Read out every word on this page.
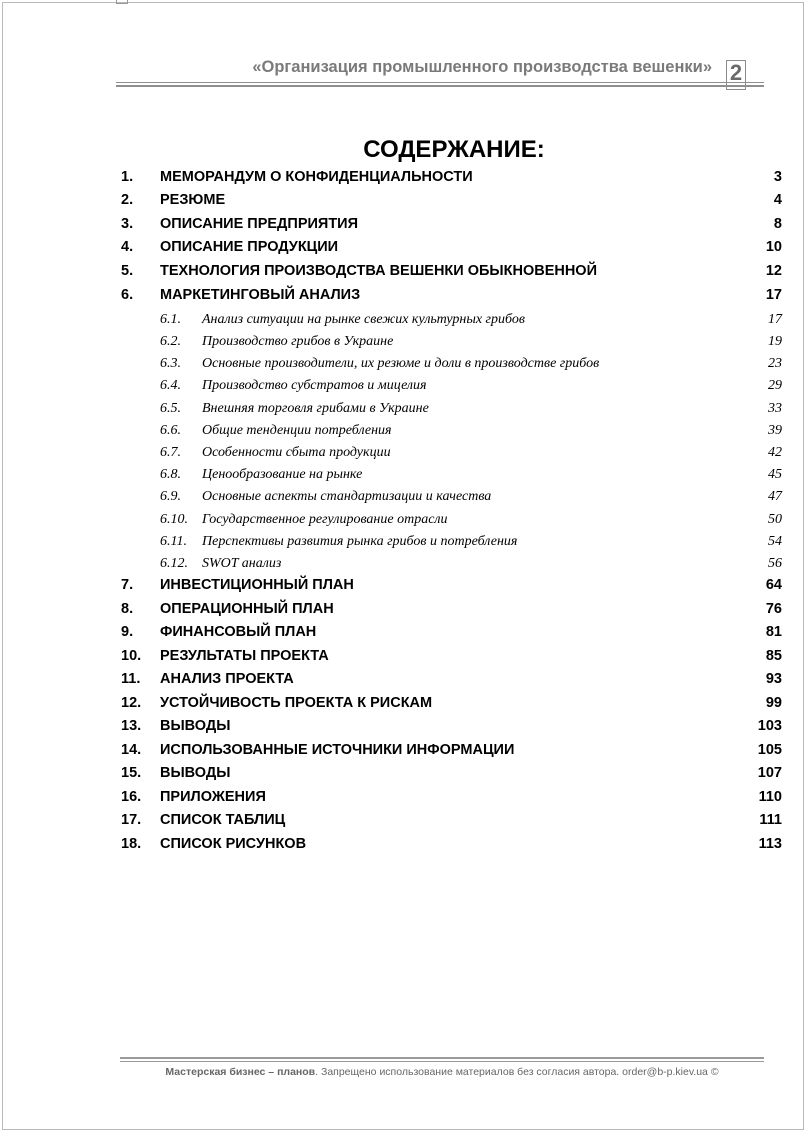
«Организация промышленного производства вешенки» 2
СОДЕРЖАНИЕ:
1. МЕМОРАНДУМ О КОНФИДЕНЦИАЛЬНОСТИ	3
2. РЕЗЮМЕ	4
3. ОПИСАНИЕ ПРЕДПРИЯТИЯ	8
4. ОПИСАНИЕ ПРОДУКЦИИ	10
5. ТЕХНОЛОГИЯ ПРОИЗВОДСТВА ВЕШЕНКИ ОБЫКНОВЕННОЙ	12
6. МАРКЕТИНГОВЫЙ АНАЛИЗ	17
6.1. Анализ ситуации на рынке свежих культурных грибов	17
6.2. Производство грибов в Украине	19
6.3. Основные производители, их резюме и доли в производстве грибов	23
6.4. Производство субстратов и мицелия	29
6.5. Внешняя торговля грибами в Украине	33
6.6. Общие тенденции потребления	39
6.7. Особенности сбыта продукции	42
6.8. Ценообразование на рынке	45
6.9. Основные аспекты стандартизации и качества	47
6.10. Государственное регулирование отрасли	50
6.11. Перспективы развития рынка грибов и потребления	54
6.12. SWOT анализ	56
7. ИНВЕСТИЦИОННЫЙ ПЛАН	64
8. ОПЕРАЦИОННЫЙ ПЛАН	76
9. ФИНАНСОВЫЙ ПЛАН	81
10. РЕЗУЛЬТАТЫ ПРОЕКТА	85
11. АНАЛИЗ ПРОЕКТА	93
12. УСТОЙЧИВОСТЬ ПРОЕКТА К РИСКАМ	99
13. ВЫВОДЫ	103
14. ИСПОЛЬЗОВАННЫЕ ИСТОЧНИКИ ИНФОРМАЦИИ	105
15. ВЫВОДЫ	107
16. ПРИЛОЖЕНИЯ	110
17. СПИСОК ТАБЛИЦ	111
18. СПИСОК РИСУНКОВ	113
Мастерская бизнес – планов. Запрещено использование материалов без согласия автора. order@b-p.kiev.ua ©
